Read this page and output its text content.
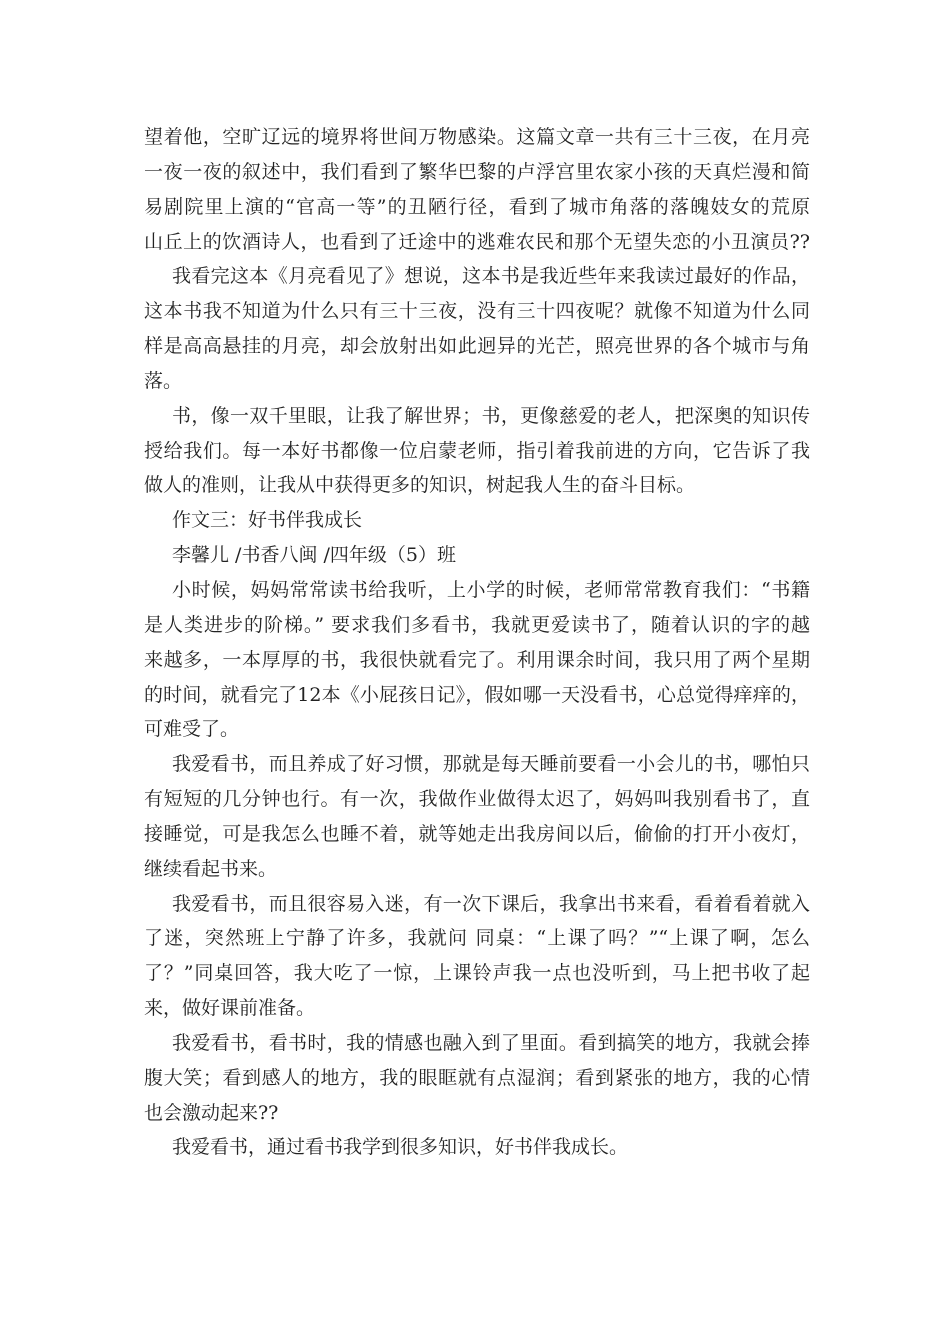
望着他，空旷辽远的境界将世间万物感染。这篇文章一共有三十三夜，在月亮
一夜一夜的叙述中，我们看到了繁华巴黎的卢浮宫里农家小孩的天真烂漫和简
易剧院里上演的“官高一等”的丑陋行径，看到了城市角落的落魄妓女的荒原
山丘上的饮酒诗人，也看到了迁途中的逃难农民和那个无望失恋的小丑演员??
我看完这本《月亮看见了》想说，这本书是我近些年来我读过最好的作品，
这本书我不知道为什么只有三十三夜，没有三十四夜呢？就像不知道为什么同
样是高高悬挂的月亮，却会放射出如此迥异的光芒，照亮世界的各个城市与角
落。
书，像一双千里眼，让我了解世界；书，更像慈爱的老人，把深奥的知识传
授给我们。每一本好书都像一位启蒙老师，指引着我前进的方向，它告诉了我
做人的准则，让我从中获得更多的知识，树起我人生的奋斗目标。
作文三：好书伴我成长
李馨儿 /书香八闽 /四年级（5）班
小时候，妈妈常常读书给我听，上小学的时候，老师常常教育我们：“书籍
是人类进步的阶梯。” 要求我们多看书，我就更爱读书了，随着认识的字的越
来越多，一本厚厚的书，我很快就看完了。利用课余时间，我只用了两个星期
的时间，就看完了12本《小屁孩日记》，假如哪一天没看书，心总觉得痒痒的，
可难受了。
我爱看书，而且养成了好习惯，那就是每天睡前要看一小会儿的书，哪怕只
有短短的几分钟也行。有一次，我做作业做得太迟了，妈妈叫我别看书了，直
接睡觉，可是我怎么也睡不着，就等她走出我房间以后，偷偷的打开小夜灯，
继续看起书来。
我爱看书，而且很容易入迷，有一次下课后，我拿出书来看，看着看着就入
了迷，突然班上宁静了许多，我就问 同桌：“上课了吗？”“上课了啊，怎么
了？”同桌回答，我大吃了一惊，上课铃声我一点也没听到，马上把书收了起
来，做好课前准备。
我爱看书，看书时，我的情感也融入到了里面。看到搞笑的地方，我就会捧
腹大笑；看到感人的地方，我的眼眶就有点湿润；看到紧张的地方，我的心情
也会激动起来??
我爱看书，通过看书我学到很多知识，好书伴我成长。
